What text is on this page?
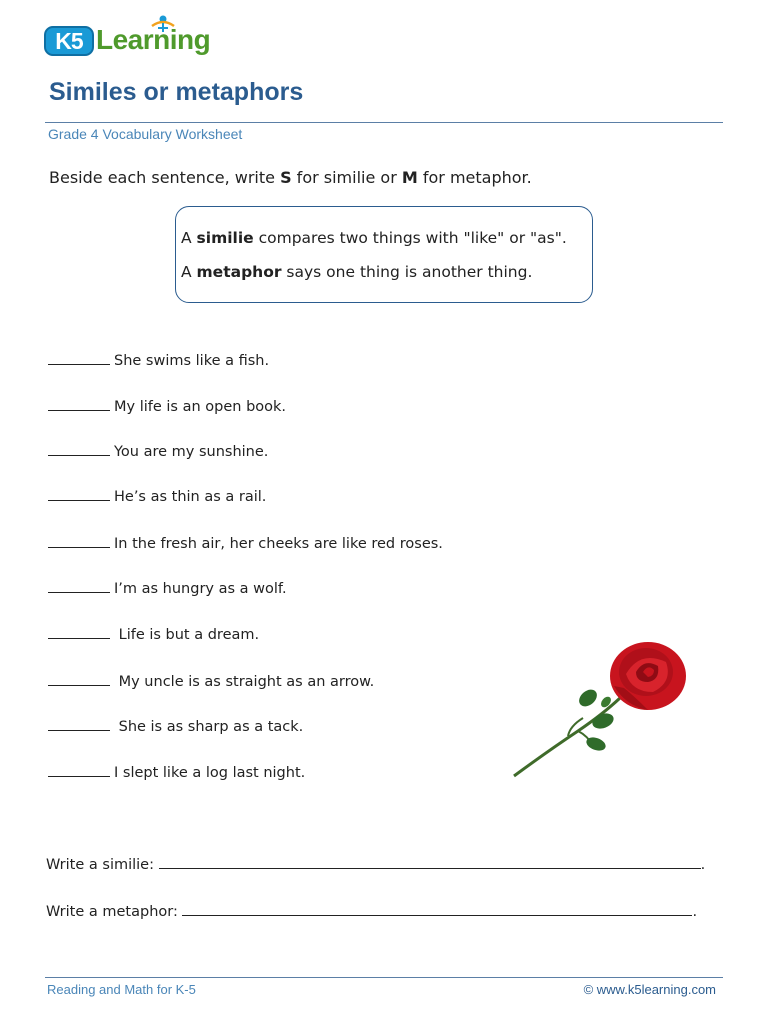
K5 Learning
Similes or metaphors
Grade 4 Vocabulary Worksheet
Beside each sentence, write S for similie or M for metaphor.
A similie compares two things with "like" or "as".
A metaphor says one thing is another thing.
She swims like a fish.
My life is an open book.
You are my sunshine.
He’s as thin as a rail.
In the fresh air, her cheeks are like red roses.
I’m as hungry as a wolf.
Life is but a dream.
My uncle is as straight as an arrow.
She is as sharp as a tack.
I slept like a log last night.
Write a similie:	.
Write a metaphor:	.
Reading and Math for K-5	© www.k5learning.com
